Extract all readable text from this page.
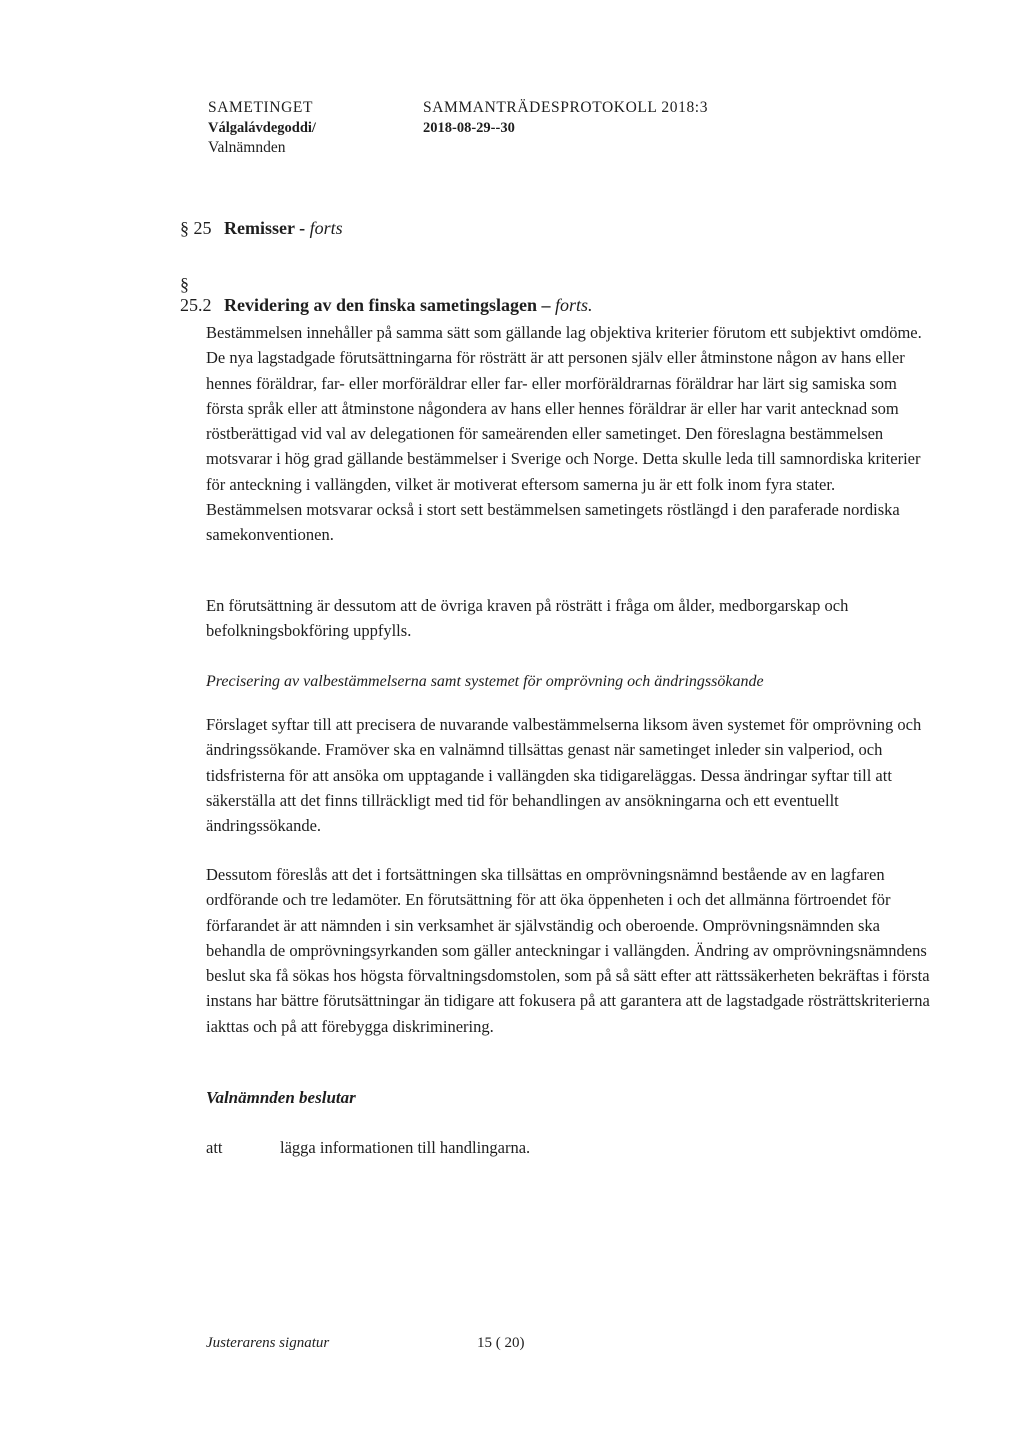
SAMETINGET
Válgalávdegoddi/
Valnämnden
SAMMANTRÄDESPROTOKOLL 2018:3
2018-08-29--30
§ 25 Remisser - forts
§ 25.2 Revidering av den finska sametingslagen – forts.

Bestämmelsen innehåller på samma sätt som gällande lag objektiva kriterier förutom ett subjektivt omdöme. De nya lagstadgade förutsättningarna för rösträtt är att personen själv eller åtminstone någon av hans eller hennes föräldrar, far- eller morföräldrar eller far- eller morföräldrarnas föräldrar har lärt sig samiska som första språk eller att åtminstone någondera av hans eller hennes föräldrar är eller har varit antecknad som röstberättigad vid val av delegationen för sameärenden eller sametinget. Den föreslagna bestämmelsen motsvarar i hög grad gällande bestämmelser i Sverige och Norge. Detta skulle leda till samnordiska kriterier för anteckning i vallängden, vilket är motiverat eftersom samerna ju är ett folk inom fyra stater. Bestämmelsen motsvarar också i stort sett bestämmelsen sametingets röstlängd i den paraferade nordiska samekonventionen.

En förutsättning är dessutom att de övriga kraven på rösträtt i fråga om ålder, medborgarskap och befolkningsbokföring uppfylls.

Precisering av valbestämmelserna samt systemet för omprövning och ändringssökande

Förslaget syftar till att precisera de nuvarande valbestämmelserna liksom även systemet för omprövning och ändringssökande. Framöver ska en valnämnd tillsättas genast när sametinget inleder sin valperiod, och tidsfristerna för att ansöka om upptagande i vallängden ska tidigareläggas. Dessa ändringar syftar till att säkerställa att det finns tillräckligt med tid för behandlingen av ansökningarna och ett eventuellt ändringssökande.

Dessutom föreslås att det i fortsättningen ska tillsättas en omprövningsnämnd bestående av en lagfaren ordförande och tre ledamöter. En förutsättning för att öka öppenheten i och det allmänna förtroendet för förfarandet är att nämnden i sin verksamhet är självständig och oberoende. Omprövningsnämnden ska behandla de omprövningsyrkanden som gäller anteckningar i vallängden. Ändring av omprövningsnämndens beslut ska få sökas hos högsta förvaltningsdomstolen, som på så sätt efter att rättssäkerheten bekräftas i första instans har bättre förutsättningar än tidigare att fokusera på att garantera att de lagstadgade rösträttskriterierna iakttas och på att förebygga diskriminering.

Valnämnden beslutar
att	lägga informationen till handlingarna.
Justerarens signatur	15 ( 20)
